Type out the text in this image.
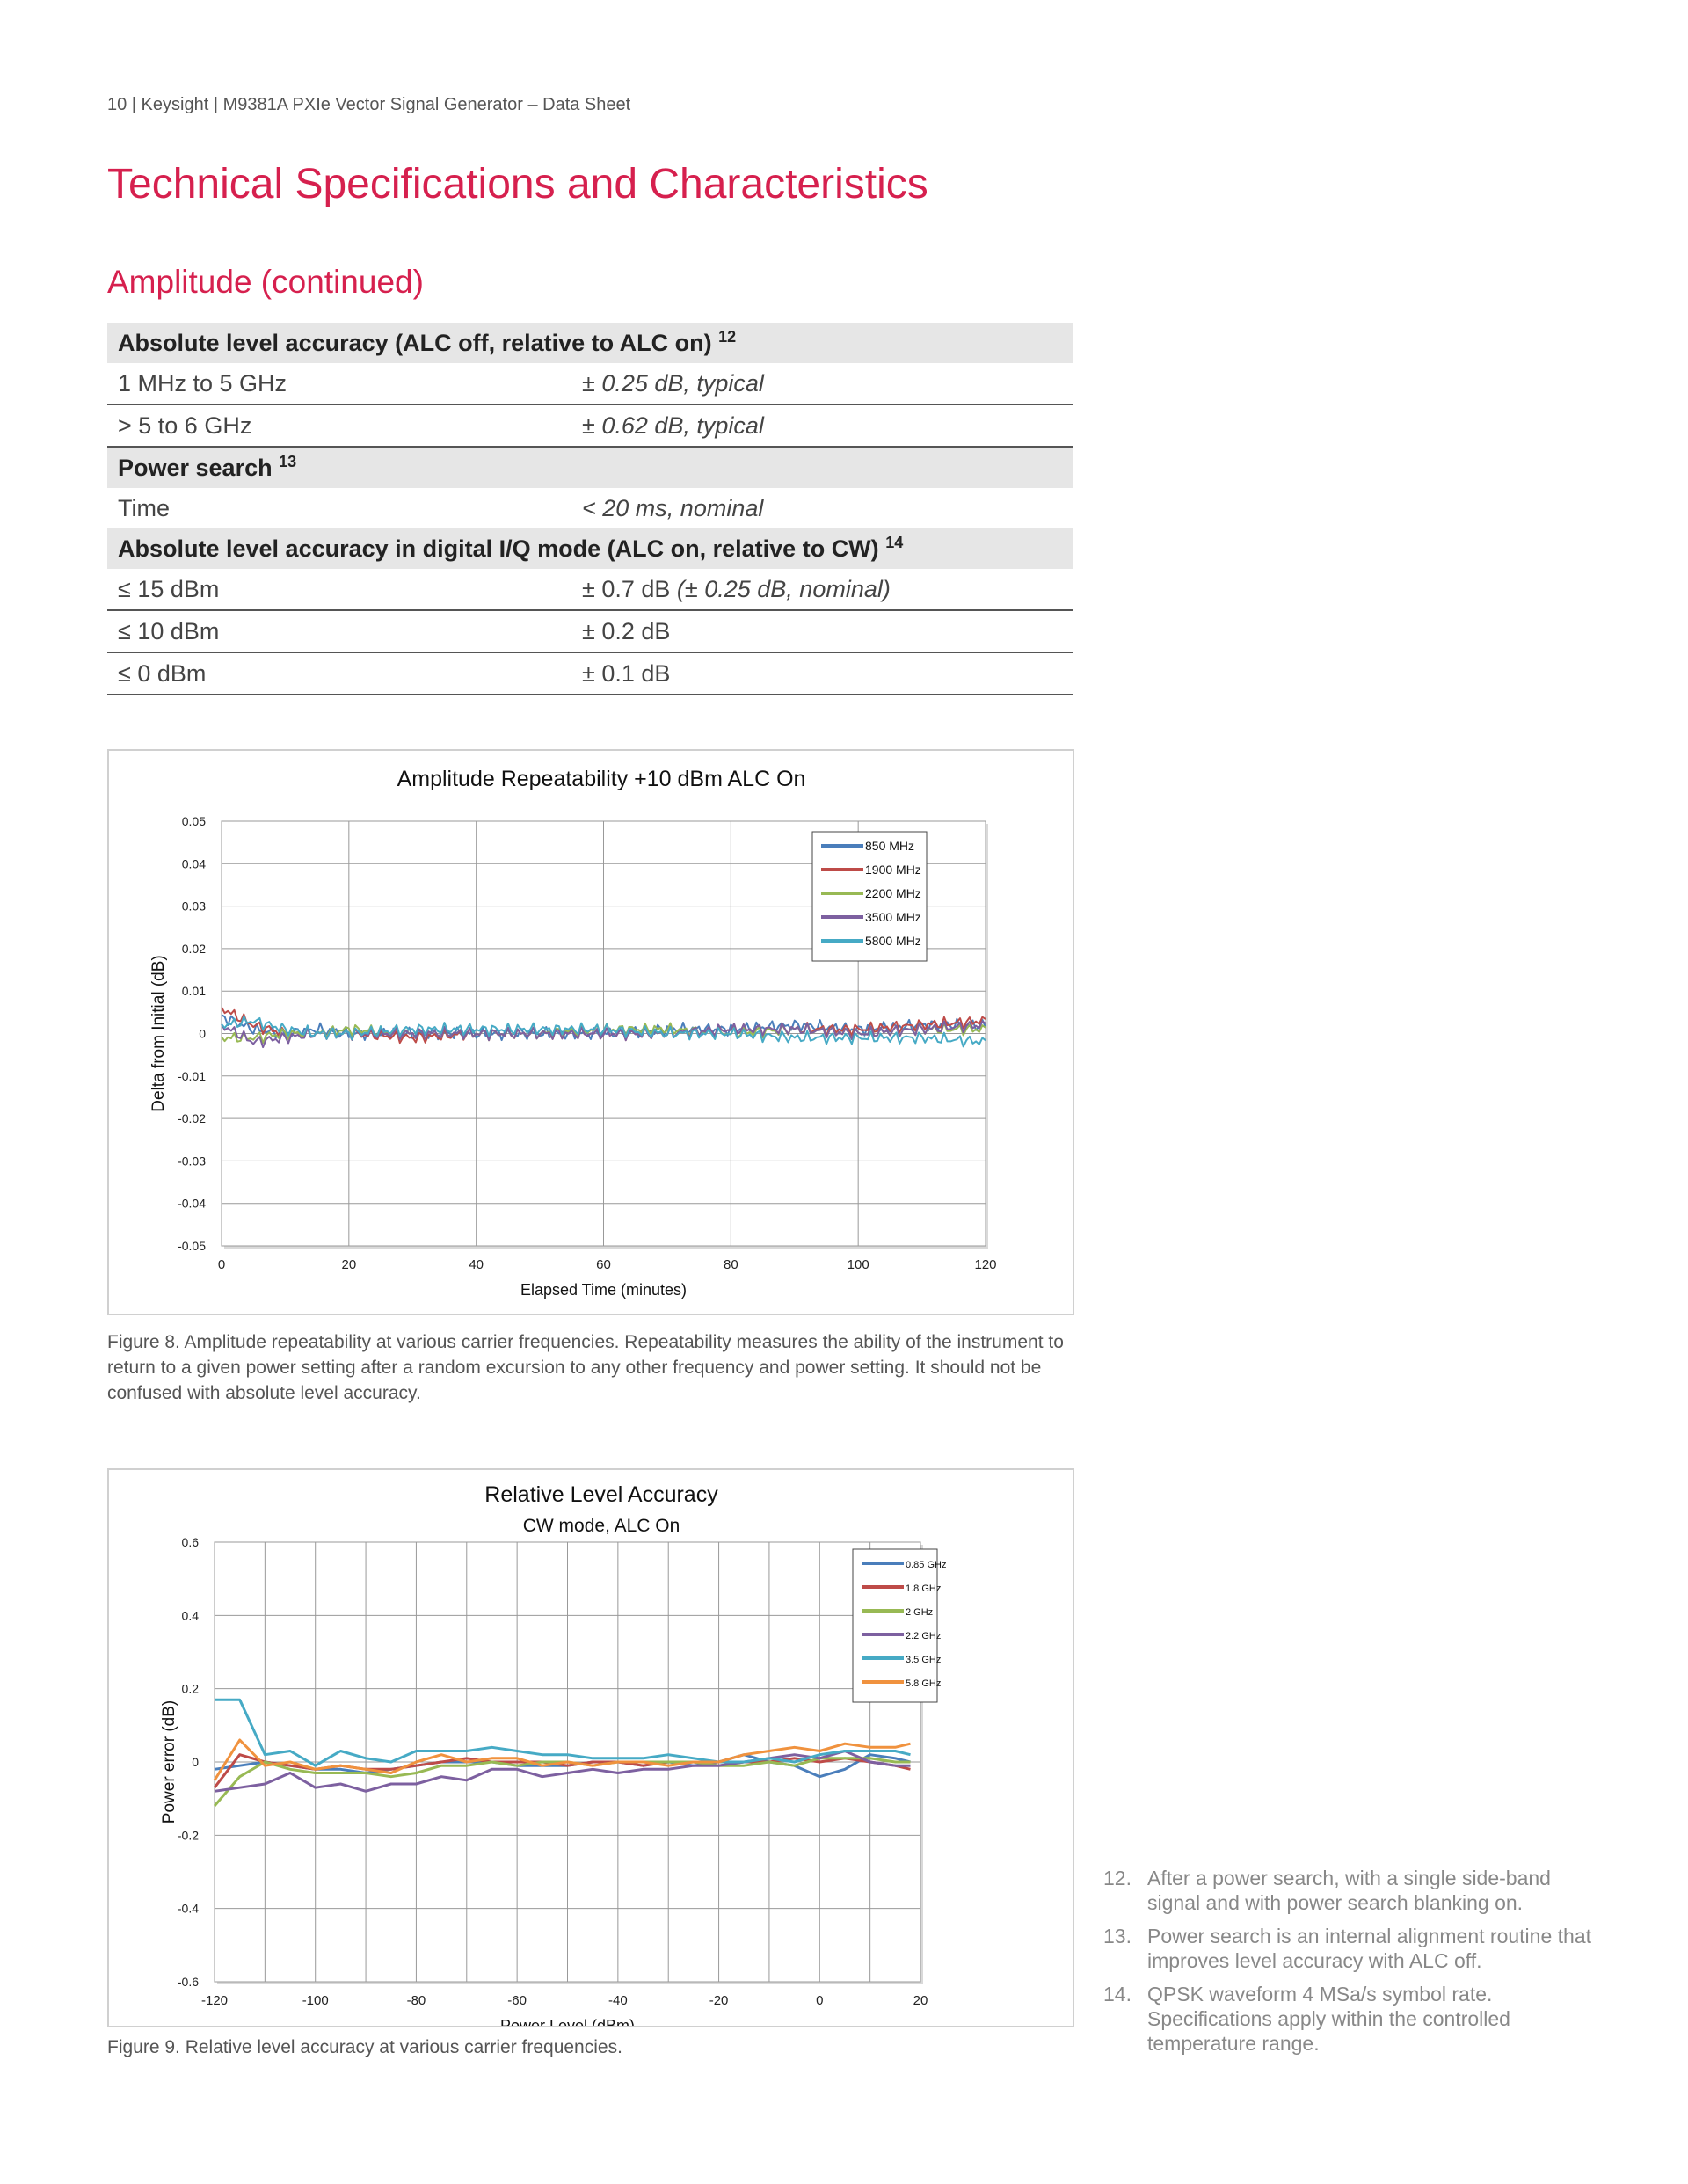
10 | Keysight | M9381A PXIe Vector Signal Generator – Data Sheet
Technical Specifications and Characteristics
Amplitude (continued)
Absolute level accuracy (ALC off, relative to ALC on) $^{12}$
1 MHz to 5 GHz	± 0.25 dB, typical
> 5 to 6 GHz	± 0.62 dB, typical
Power search $^{13}$
Time	< 20 ms, nominal
Absolute level accuracy in digital I/Q mode (ALC on, relative to CW) $^{14}$
≤ 15 dBm	± 0.7 dB (± 0.25 dB, nominal)
≤ 10 dBm	± 0.2 dB
≤ 0 dBm	± 0.1 dB
0	20	40	60	80	100	120
0.05
0.04
0.03
0.02
0.01
0
-0.01
-0.02
-0.03
-0.04
-0.05
Amplitude Repeatability +10 dBm ALC On
Elapsed Time (minutes)
Delta from Initial (dB)
850 MHz
1900 MHz
2200 MHz
3500 MHz
5800 MHz
Figure 8. Amplitude repeatability at various carrier frequencies. Repeatability measures the ability of the instrument to return to a given power setting after a random excursion to any other frequency and power setting. It should not be confused with absolute level accuracy.
-120	-100	-80	-60	-40	-20	0	20
0.6
0.4
0.2
0
-0.2
-0.4
-0.6
Relative Level Accuracy
CW mode, ALC On
Power Level (dBm)
Power error (dB)
0.85 GHz
1.8 GHz
2 GHz
2.2 GHz
3.5 GHz
5.8 GHz
Figure 9. Relative level accuracy at various carrier frequencies.
12. After a power search, with a single side-band signal and with power search blanking on.
13. Power search is an internal alignment routine that improves level accuracy with ALC off.
14. QPSK waveform 4 MSa/s symbol rate. Specifications apply within the controlled temperature range.
